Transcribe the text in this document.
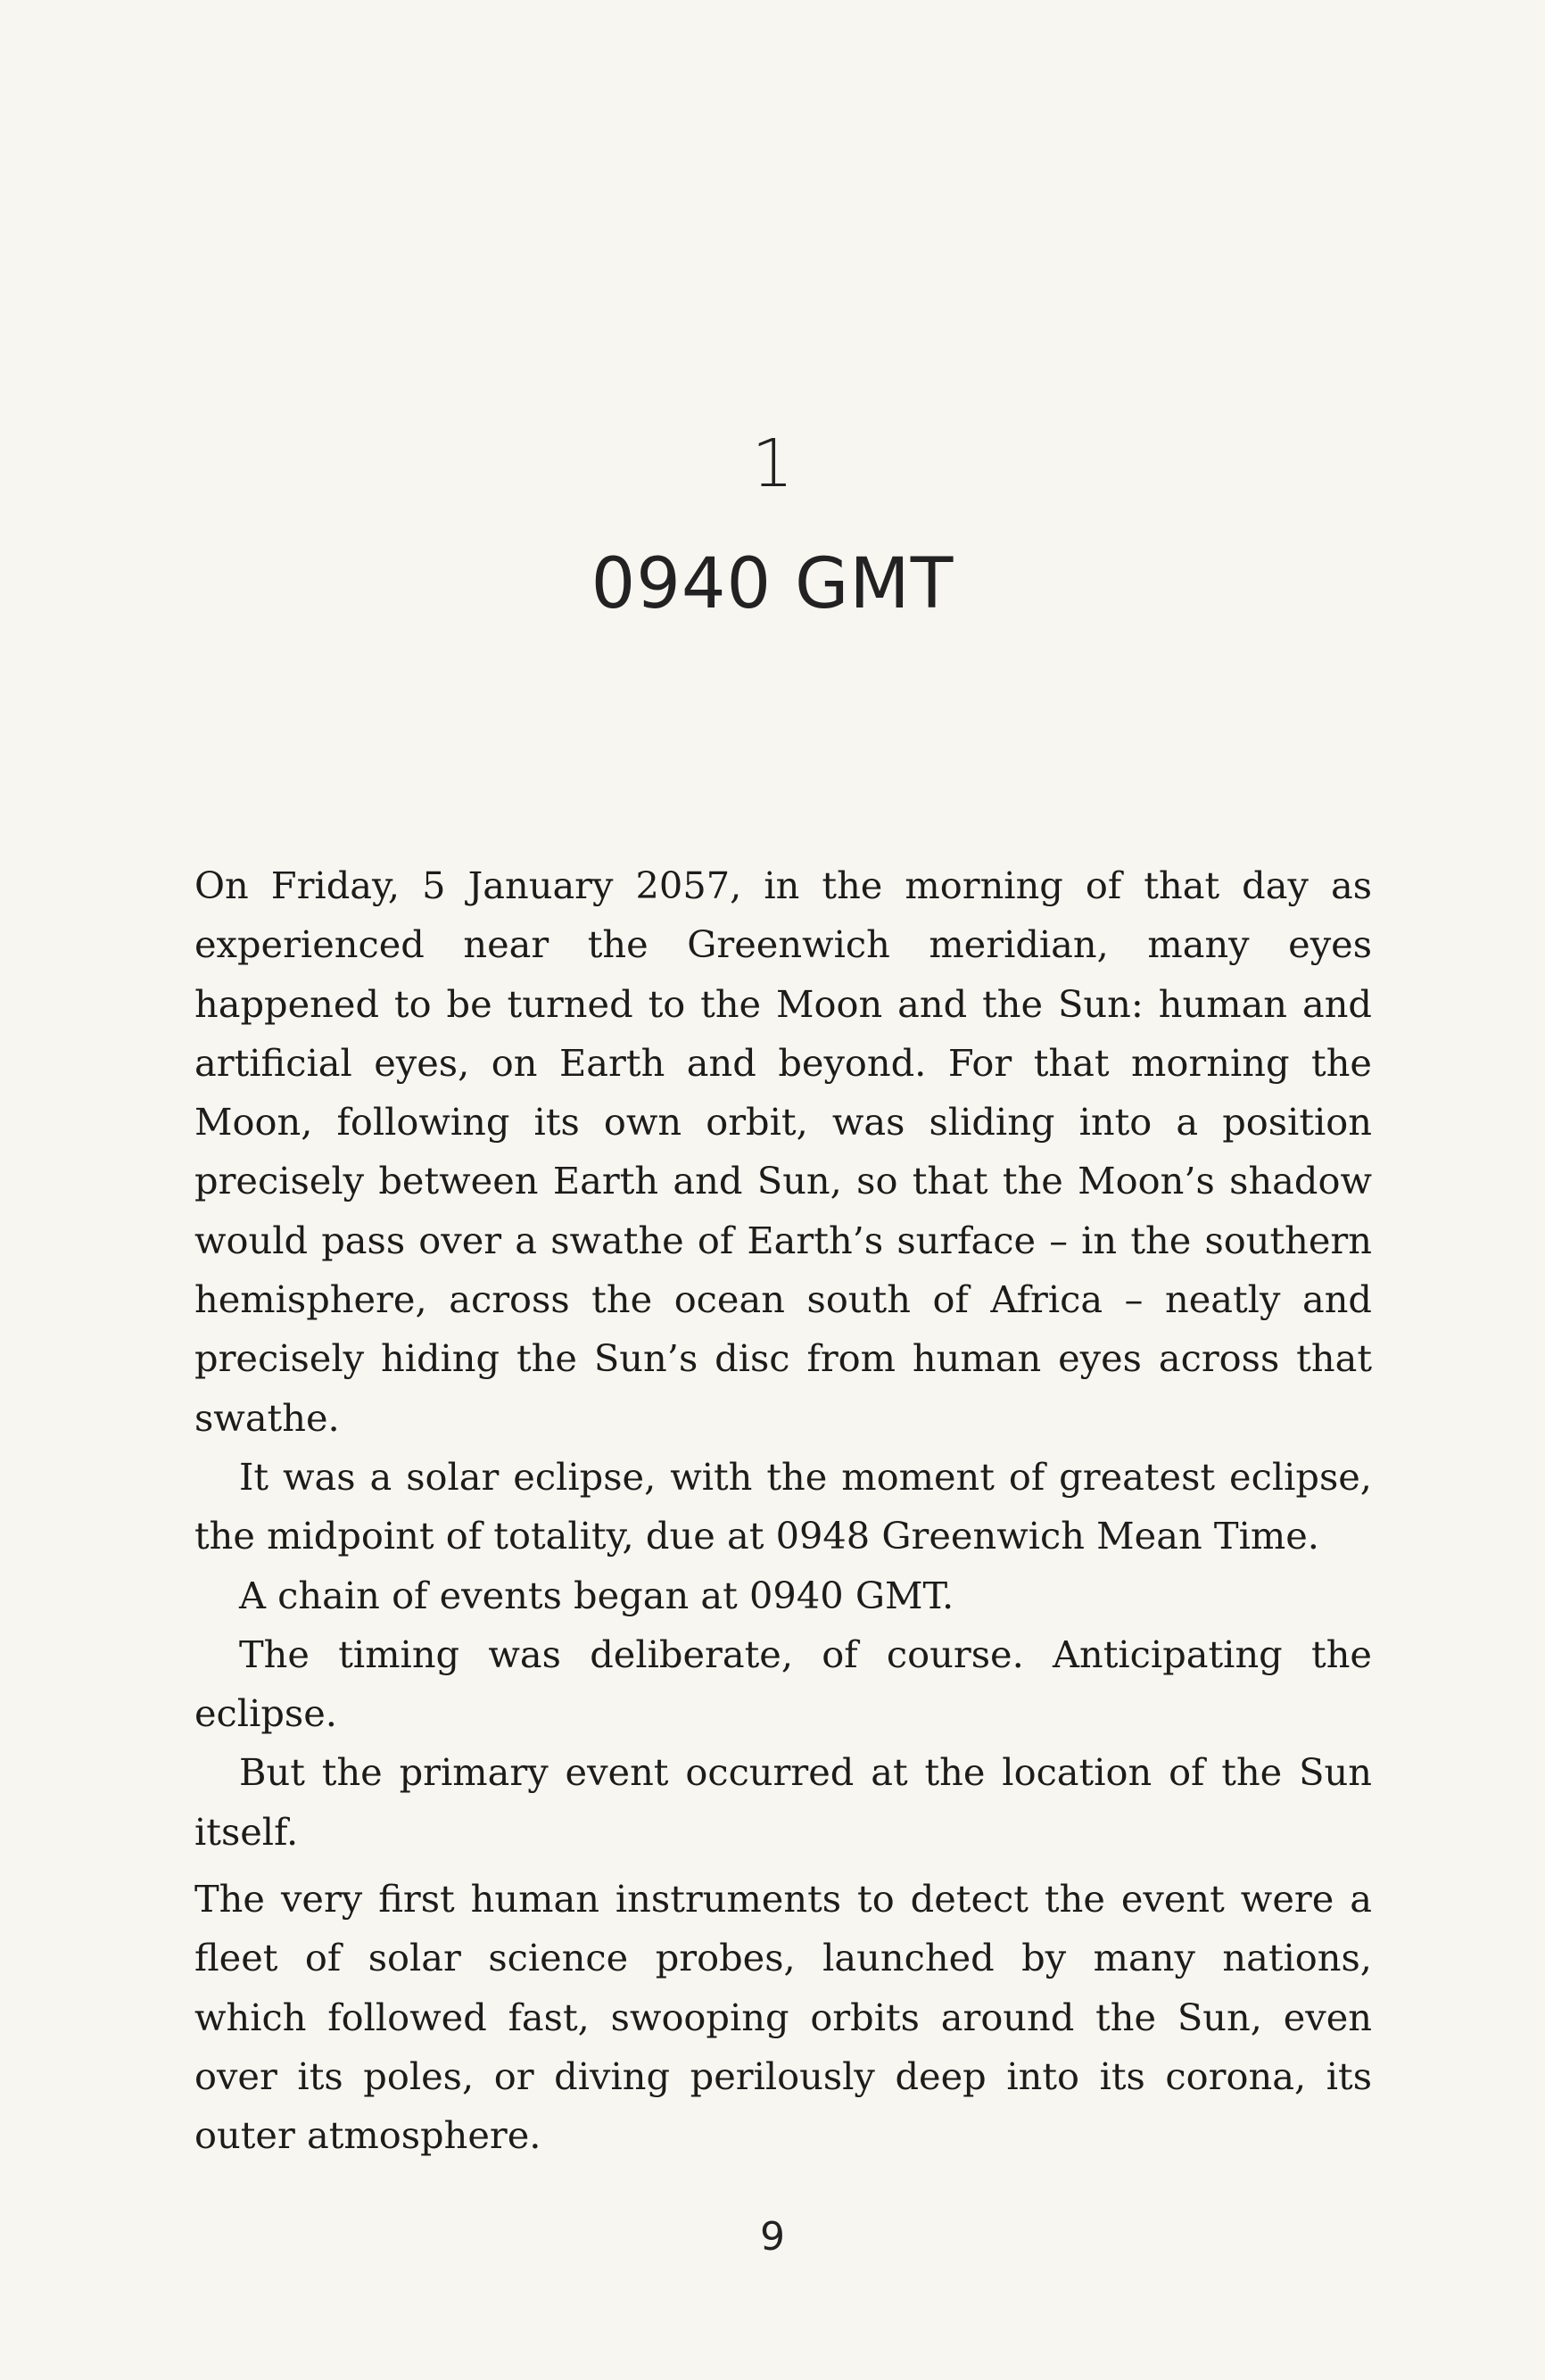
1
0940 GMT

On Friday, 5 January 2057, in the morning of that day as experienced near the Greenwich meridian, many eyes happened to be turned to the Moon and the Sun: human and artificial eyes, on Earth and beyond. For that morning the Moon, following its own orbit, was sliding into a position precisely between Earth and Sun, so that the Moon’s shadow would pass over a swathe of Earth’s surface – in the southern hemisphere, across the ocean south of Africa – neatly and precisely hiding the Sun’s disc from human eyes across that swathe.

It was a solar eclipse, with the moment of greatest eclipse, the midpoint of totality, due at 0948 Greenwich Mean Time.

A chain of events began at 0940 GMT.

The timing was deliberate, of course. Anticipating the eclipse.

But the primary event occurred at the location of the Sun itself.

The very first human instruments to detect the event were a fleet of solar science probes, launched by many nations, which followed fast, swooping orbits around the Sun, even over its poles, or diving perilously deep into its corona, its outer atmosphere.

9
